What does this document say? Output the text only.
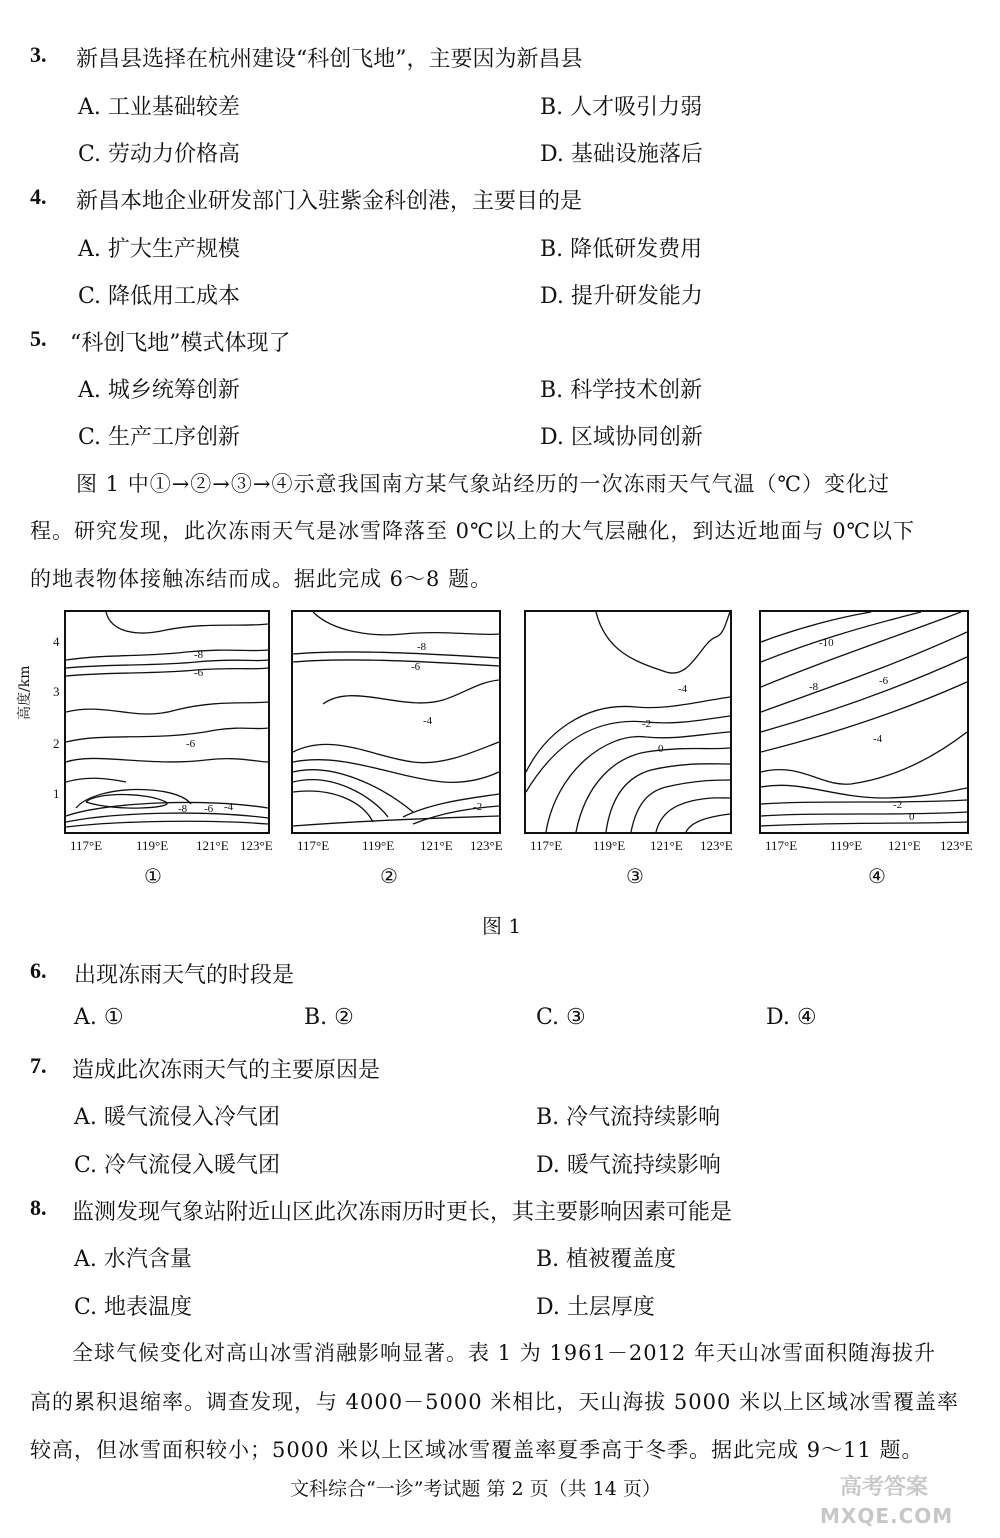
3. 新昌县选择在杭州建设“科创飞地”，主要因为新昌县
A. 工业基础较差	B. 人才吸引力弱
C. 劳动力价格高	D. 基础设施落后
4. 新昌本地企业研发部门入驻紫金科创港，主要目的是
A. 扩大生产规模	B. 降低研发费用
C. 降低用工成本	D. 提升研发能力
5. “科创飞地”模式体现了
A. 城乡统筹创新	B. 科学技术创新
C. 生产工序创新	D. 区域协同创新
图 1 中①→②→③→④示意我国南方某气象站经历的一次冻雨天气气温（℃）变化过
程。研究发现，此次冻雨天气是冰雪降落至 0℃以上的大气层融化，到达近地面与 0℃以下
的地表物体接触冻结而成。据此完成 6～8 题。
高度/km
4
3
2
1
-8
-6
-6
-8 -6 -4
-8
-6
-4
-2
-4
-2
0
-10
-8	-6
-4
-2
0
117°E	119°E 121°E 123°E 117°E	119°E 121°E 123°E 117°E 119°E 121°E 123°E 117°E	119°E 121°E 123°E
①	②	③	④
图 1
6. 出现冻雨天气的时段是
A. ①	B. ②	C. ③	D. ④
7. 造成此次冻雨天气的主要原因是
A. 暖气流侵入冷气团	B. 冷气流持续影响
C. 冷气流侵入暖气团	D. 暖气流持续影响
8. 监测发现气象站附近山区此次冻雨历时更长，其主要影响因素可能是
A. 水汽含量	B. 植被覆盖度
C. 地表温度	D. 土层厚度
全球气候变化对高山冰雪消融影响显著。表 1 为 1961－2012 年天山冰雪面积随海拔升
高的累积退缩率。调查发现，与 4000－5000 米相比，天山海拔 5000 米以上区域冰雪覆盖率
较高，但冰雪面积较小；5000 米以上区域冰雪覆盖率夏季高于冬季。据此完成 9～11 题。
文科综合“一诊”考试题 第 2 页（共 14 页）	高考答案
MXQE.COM
